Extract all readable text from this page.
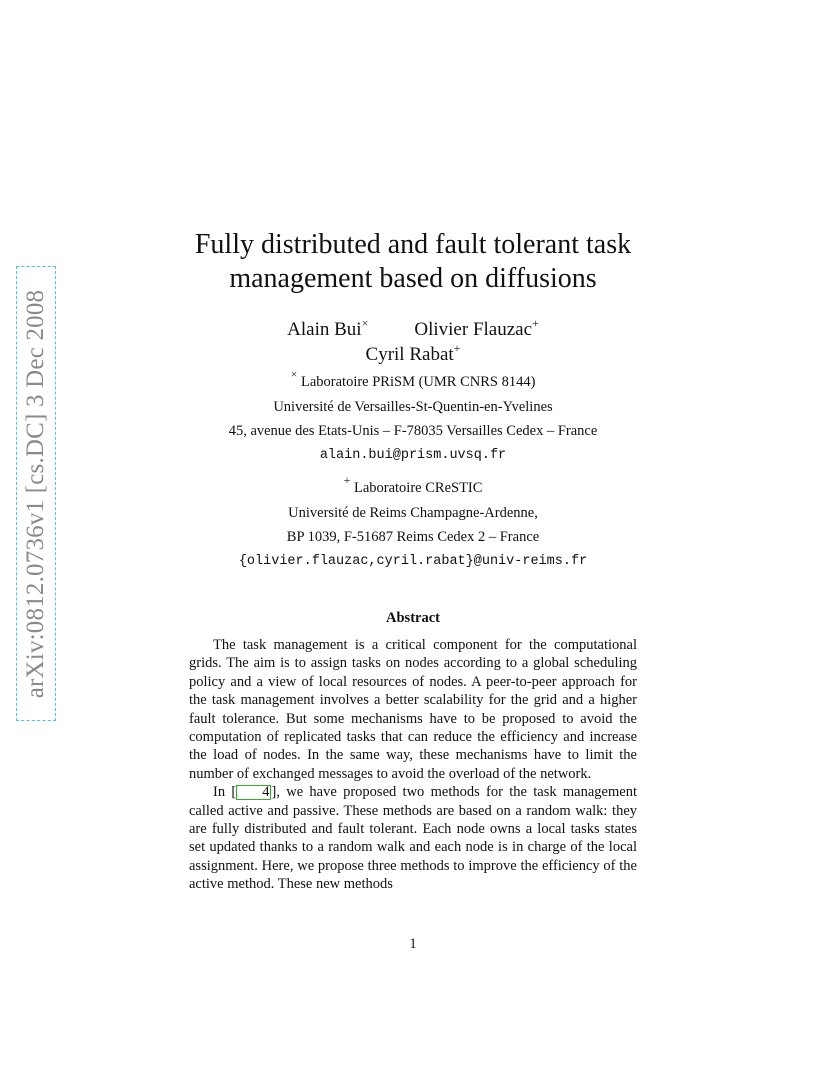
arXiv:0812.0736v1 [cs.DC] 3 Dec 2008
Fully distributed and fault tolerant task
management based on diffusions
Alain Bui× Olivier Flauzac+
Cyril Rabat+
× Laboratoire PRiSM (UMR CNRS 8144)
Université de Versailles-St-Quentin-en-Yvelines
45, avenue des Etats-Unis – F-78035 Versailles Cedex – France
alain.bui@prism.uvsq.fr
+ Laboratoire CReSTIC
Université de Reims Champagne-Ardenne,
BP 1039, F-51687 Reims Cedex 2 – France
{olivier.flauzac,cyril.rabat}@univ-reims.fr
Abstract

The task management is a critical component for the computational grids. The aim is to assign tasks on nodes according to a global scheduling policy and a view of local resources of nodes. A peer-to-peer approach for the task management involves a better scalability for the grid and a higher fault tolerance. But some mechanisms have to be proposed to avoid the computation of replicated tasks that can reduce the efficiency and increase the load of nodes. In the same way, these mechanisms have to limit the number of exchanged messages to avoid the overload of the network.

In [ 4 ], we have proposed two methods for the task management called active and passive. These methods are based on a random walk: they are fully distributed and fault tolerant. Each node owns a local tasks states set updated thanks to a random walk and each node is in charge of the local assignment. Here, we propose three methods to improve the efficiency of the active method. These new methods

1
